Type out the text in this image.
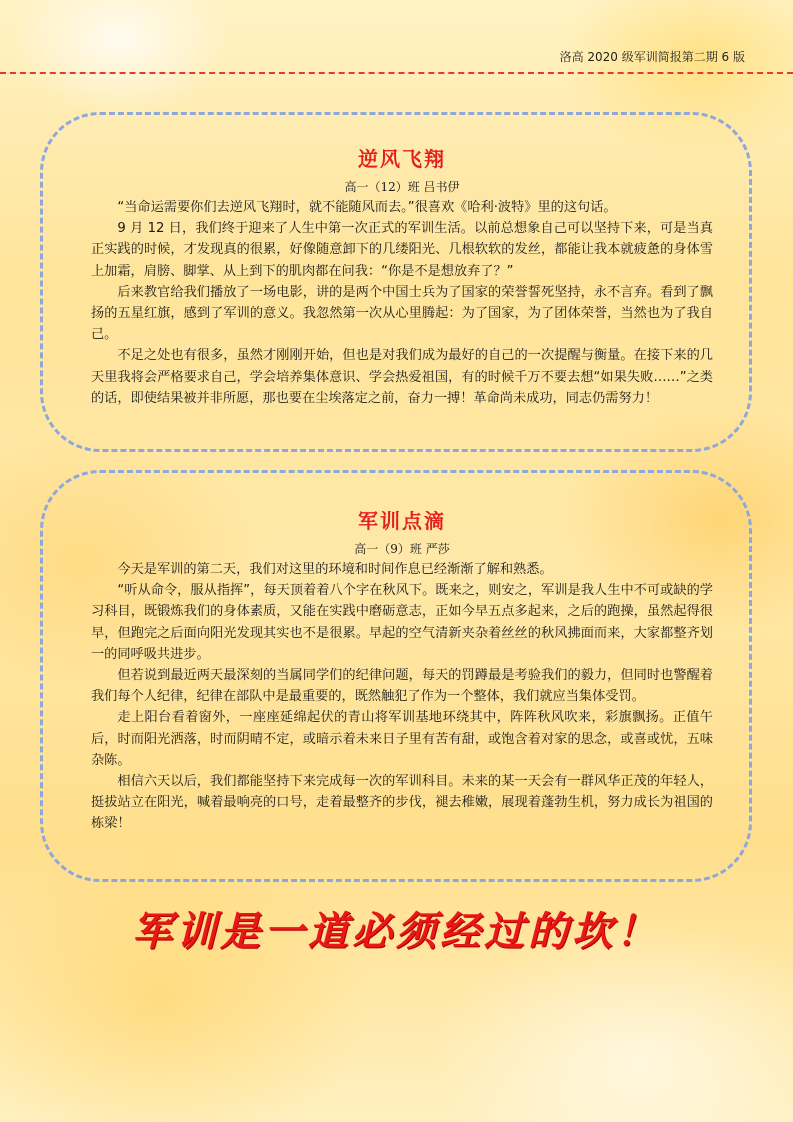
洛高 2020 级军训简报第二期 6 版
逆风飞翔
高一（12）班 吕书伊

“当命运需要你们去逆风飞翔时，就不能随风而去。”很喜欢《哈利·波特》里的这句话。

9 月 12 日，我们终于迎来了人生中第一次正式的军训生活。以前总想象自己可以坚持下来，可是当真正实践的时候，才发现真的很累，好像随意卸下的几缕阳光、几根软软的发丝，都能让我本就疲惫的身体雪上加霜，肩膀、脚掌、从上到下的肌肉都在问我：“你是不是想放弃了？”

后来教官给我们播放了一场电影，讲的是两个中国士兵为了国家的荣誉誓死坚持，永不言弃。看到了飘扬的五星红旗，感到了军训的意义。我忽然第一次从心里腾起：为了国家，为了团体荣誉，当然也为了我自己。

不足之处也有很多，虽然才刚刚开始，但也是对我们成为最好的自己的一次提醒与衡量。在接下来的几天里我将会严格要求自己，学会培养集体意识、学会热爱祖国，有的时候千万不要去想“如果失败……”之类的话，即使结果被并非所愿，那也要在尘埃落定之前，奋力一搏！革命尚未成功，同志仍需努力！

军训点滴
高一（9）班 严莎

今天是军训的第二天，我们对这里的环境和时间作息已经渐渐了解和熟悉。

“听从命令，服从指挥”，每天顶着着八个字在秋风下。既来之，则安之，军训是我人生中不可或缺的学习科目，既锻炼我们的身体素质，又能在实践中磨砺意志，正如今早五点多起来，之后的跑操，虽然起得很早，但跑完之后面向阳光发现其实也不是很累。早起的空气清新夹杂着丝丝的秋风拂面而来，大家都整齐划一的同呼吸共进步。

但若说到最近两天最深刻的当属同学们的纪律问题，每天的罚蹲最是考验我们的毅力，但同时也警醒着我们每个人纪律，纪律在部队中是最重要的，既然触犯了作为一个整体，我们就应当集体受罚。

走上阳台看着窗外，一座座延绵起伏的青山将军训基地环绕其中，阵阵秋风吹来，彩旗飘扬。正值午后，时而阳光洒落，时而阴晴不定，或暗示着未来日子里有苦有甜，或饱含着对家的思念，或喜或忧，五味杂陈。

相信六天以后，我们都能坚持下来完成每一次的军训科目。未来的某一天会有一群风华正茂的年轻人，挺拔站立在阳光，喊着最响亮的口号，走着最整齐的步伐，褪去稚嫩，展现着蓬勃生机，努力成长为祖国的栋梁！

军训是一道必须经过的坎！
